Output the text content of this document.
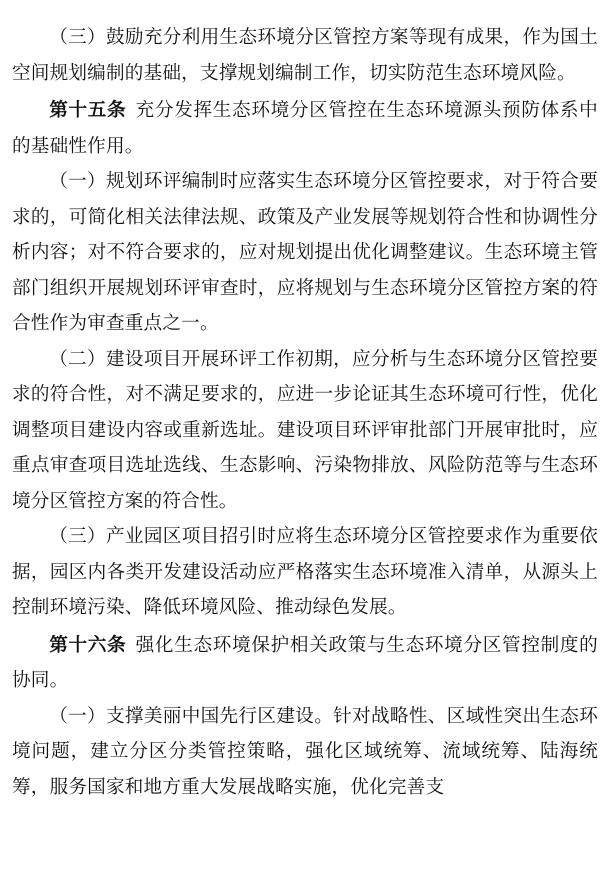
（三）鼓励充分利用生态环境分区管控方案等现有成果，作为国土空间规划编制的基础，支撑规划编制工作，切实防范生态环境风险。

第十五条 充分发挥生态环境分区管控在生态环境源头预防体系中的基础性作用。

（一）规划环评编制时应落实生态环境分区管控要求，对于符合要求的，可简化相关法律法规、政策及产业发展等规划符合性和协调性分析内容；对不符合要求的，应对规划提出优化调整建议。生态环境主管部门组织开展规划环评审查时，应将规划与生态环境分区管控方案的符合性作为审查重点之一。

（二）建设项目开展环评工作初期，应分析与生态环境分区管控要求的符合性，对不满足要求的，应进一步论证其生态环境可行性，优化调整项目建设内容或重新选址。建设项目环评审批部门开展审批时，应重点审查项目选址选线、生态影响、污染物排放、风险防范等与生态环境分区管控方案的符合性。

（三）产业园区项目招引时应将生态环境分区管控要求作为重要依据，园区内各类开发建设活动应严格落实生态环境准入清单，从源头上控制环境污染、降低环境风险、推动绿色发展。

第十六条 强化生态环境保护相关政策与生态环境分区管控制度的协同。

（一）支撑美丽中国先行区建设。针对战略性、区域性突出生态环境问题，建立分区分类管控策略，强化区域统筹、流域统筹、陆海统筹，服务国家和地方重大发展战略实施，优化完善支
